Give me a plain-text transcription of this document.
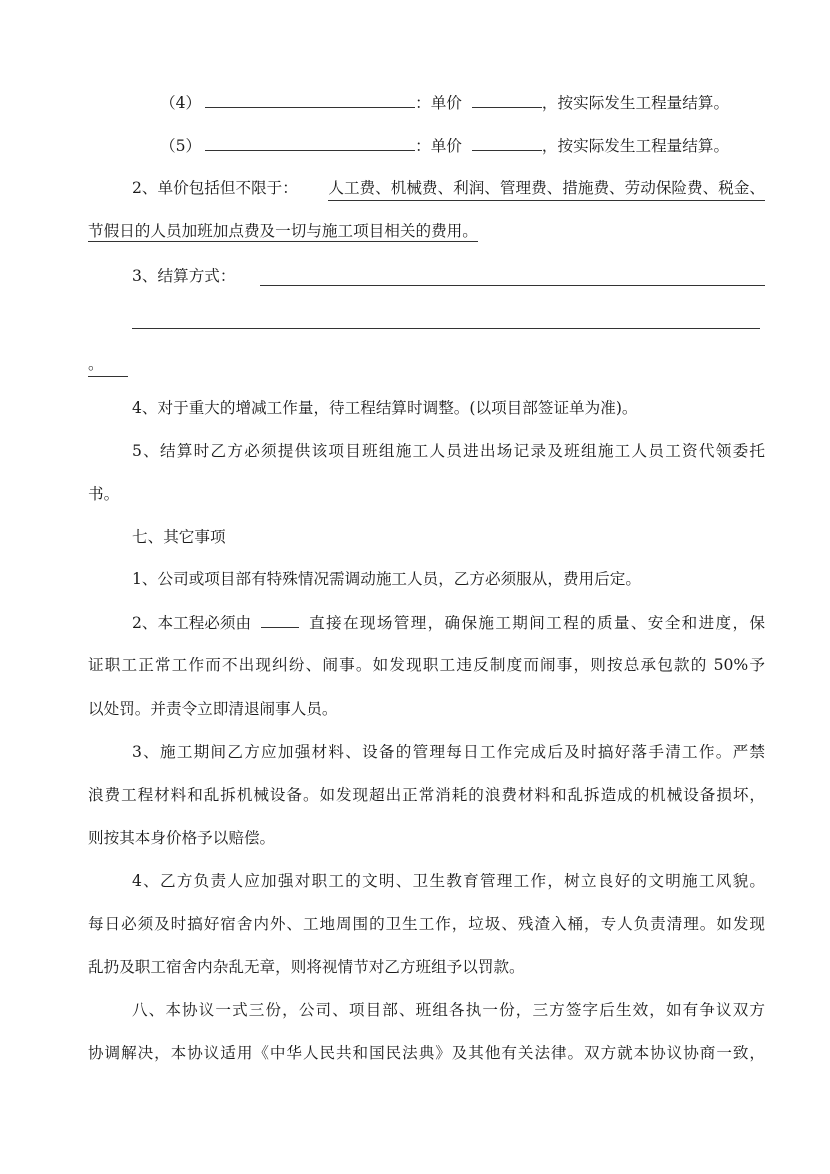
（4）	：单价	，按实际发生工程量结算。
（5）	：单价	，按实际发生工程量结算。
2、单价包括但不限于： 人工费、机械费、利润、管理费、措施费、劳动保险费、税金、
节假日的人员加班加点费及一切与施工项目相关的费用。
3、结算方式：
。
4、对于重大的增减工作量，待工程结算时调整。(以项目部签证单为准)。
5、结算时乙方必须提供该项目班组施工人员进出场记录及班组施工人员工资代领委托
书。
七、其它事项
1、公司或项目部有特殊情况需调动施工人员，乙方必须服从，费用后定。
2、本工程必须由	直接在现场管理，确保施工期间工程的质量、安全和进度，保
证职工正常工作而不出现纠纷、闹事。如发现职工违反制度而闹事，则按总承包款的 50%予
以处罚。并责令立即清退闹事人员。
3、施工期间乙方应加强材料、设备的管理每日工作完成后及时搞好落手清工作。严禁
浪费工程材料和乱拆机械设备。如发现超出正常消耗的浪费材料和乱拆造成的机械设备损坏，
则按其本身价格予以赔偿。
4、乙方负责人应加强对职工的文明、卫生教育管理工作，树立良好的文明施工风貌。
每日必须及时搞好宿舍内外、工地周围的卫生工作，垃圾、残渣入桶，专人负责清理。如发现
乱扔及职工宿舍内杂乱无章，则将视情节对乙方班组予以罚款。
八、本协议一式三份，公司、项目部、班组各执一份，三方签字后生效，如有争议双方
协调解决，本协议适用《中华人民共和国民法典》及其他有关法律。双方就本协议协商一致，
